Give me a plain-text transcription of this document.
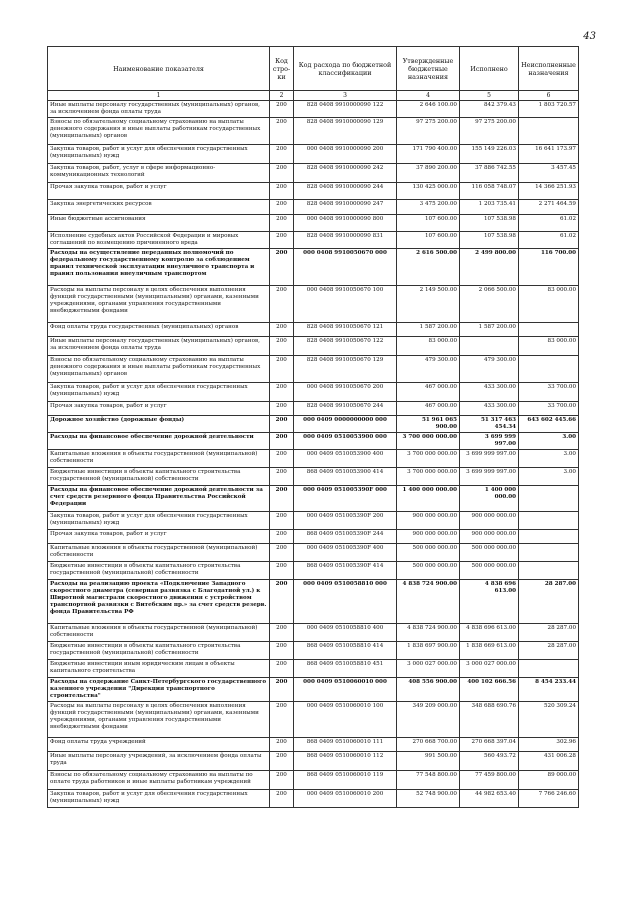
43
Наименование показателя	Код стро-ки	Код расхода по бюджетной классификации	Утвержденные бюджетные назначения	Исполнено	Неисполненные назначения
1	2	3	4	5	6
Иные выплаты персоналу государственных (муниципальных) органов, за исключением фонда оплаты труда	200	828 0408 9910000090 122	2 646 100.00	842 379.43	1 803 720.57
Взносы по обязательному социальному страхованию на выплаты денежного содержания и иные выплаты работникам государственных (муниципальных) органов	200	828 0408 9910000090 129	97 275 200.00	97 275 200.00	
Закупка товаров, работ и услуг для обеспечения государственных (муниципальных) нужд	200	000 0408 9910000090 200	171 790 400.00	155 149 226.03	16 641 173.97
Закупка товаров, работ, услуг в сфере информационно-коммуникационных технологий	200	828 0408 9910000090 242	37 890 200.00	37 886 742.55	3 457.45
Прочая закупка товаров, работ и услуг	200	828 0408 9910000090 244	130 425 000.00	116 058 748.07	14 366 251.93
Закупка энергетических ресурсов	200	828 0408 9910000090 247	3 475 200.00	1 203 735.41	2 271 464.59
Иные бюджетные ассигнования	200	000 0408 9910000090 800	107 600.00	107 538.98	61.02
Исполнение судебных актов Российской Федерации и мировых соглашений по возмещению причиненного вреда	200	828 0408 9910000090 831	107 600.00	107 538.98	61.02
Расходы на осуществление переданных полномочий по федеральному государственному контролю за соблюдением правил технической эксплуатации внеуличного транспорта и правил пользования внеуличным транспортом	200	000 0408 9910050670 000	2 616 500.00	2 499 800.00	116 700.00
Расходы на выплаты персоналу в целях обеспечения выполнения функций государственными (муниципальными) органами, казенными учреждениями, органами управления государственными внебюджетными фондами	200	000 0408 9910050670 100	2 149 500.00	2 066 500.00	83 000.00
Фонд оплаты труда государственных (муниципальных) органов	200	828 0408 9910050670 121	1 587 200.00	1 587 200.00	
Иные выплаты персоналу государственных (муниципальных) органов, за исключением фонда оплаты труда	200	828 0408 9910050670 122	83 000.00		83 000.00
Взносы по обязательному социальному страхованию на выплаты денежного содержания и иные выплаты работникам государственных (муниципальных) органов	200	828 0408 9910050670 129	479 300.00	479 300.00	
Закупка товаров, работ и услуг для обеспечения государственных (муниципальных) нужд	200	000 0408 9910050670 200	467 000.00	433 300.00	33 700.00
Прочая закупка товаров, работ и услуг	200	828 0408 9910050670 244	467 000.00	433 300.00	33 700.00
Дорожное хозяйство (дорожные фонды)	200	000 0409 0000000000 000	51 961 065 900.00	51 317 463 454.34	643 602 445.66
Расходы на финансовое обеспечение дорожной деятельности	200	000 0409 0510053900 000	3 700 000 000.00	3 699 999 997.00	3.00
Капитальные вложения в объекты государственной (муниципальной) собственности	200	000 0409 0510053900 400	3 700 000 000.00	3 699 999 997.00	3.00
Бюджетные инвестиции в объекты капитального строительства государственной (муниципальной) собственности	200	868 0409 0510053900 414	3 700 000 000.00	3 699 999 997.00	3.00
Расходы на финансовое обеспечение дорожной деятельности за счет средств резервного фонда Правительства Российской Федерации	200	000 0409 051005390F 000	1 400 000 000.00	1 400 000 000.00	
Закупка товаров, работ и услуг для обеспечения государственных (муниципальных) нужд	200	000 0409 051005390F 200	900 000 000.00	900 000 000.00	
Прочая закупка товаров, работ и услуг	200	868 0409 051005390F 244	900 000 000.00	900 000 000.00	
Капитальные вложения в объекты государственной (муниципальной) собственности	200	000 0409 051005390F 400	500 000 000.00	500 000 000.00	
Бюджетные инвестиции в объекты капитального строительства государственной (муниципальной) собственности	200	868 0409 051005390F 414	500 000 000.00	500 000 000.00	
Расходы на реализацию проекта «Подключение Западного скоростного диаметра (северная развязка с Благодатной ул.) к Широтной магистрали скоростного движения с устройством транспортной развязки с Витебским пр.» за счет средств резерв. фонда Правительства РФ	200	000 0409 0510058810 000	4 838 724 900.00	4 838 696 613.00	28 287.00
Капитальные вложения в объекты государственной (муниципальной) собственности	200	000 0409 0510058810 400	4 838 724 900.00	4 838 696 613.00	28 287.00
Бюджетные инвестиции в объекты капитального строительства государственной (муниципальной) собственности	200	868 0409 0510058810 414	1 838 697 900.00	1 838 669 613.00	28 287.00
Бюджетные инвестиции иным юридическим лицам в объекты капитального строительства	200	868 0409 0510058810 451	3 000 027 000.00	3 000 027 000.00	
Расходы на содержание Санкт-Петербургского государственного казенного учреждения "Дирекция транспортного строительства"	200	000 0409 0510060010 000	408 556 900.00	400 102 666.56	8 454 233.44
Расходы на выплаты персоналу в целях обеспечения выполнения функций государственными (муниципальными) органами, казенными учреждениями, органами управления государственными внебюджетными фондами	200	000 0409 0510060010 100	349 209 000.00	348 688 690.76	520 309.24
Фонд оплаты труда учреждений	200	868 0409 0510060010 111	270 668 700.00	270 668 397.04	302.96
Иные выплаты персоналу учреждений, за исключением фонда оплаты труда	200	868 0409 0510060010 112	991 500.00	560 493.72	431 006.28
Взносы по обязательному социальному страхованию на выплаты по оплате труда работников и иные выплаты работникам учреждений	200	868 0409 0510060010 119	77 548 800.00	77 459 800.00	89 000.00
Закупка товаров, работ и услуг для обеспечения государственных (муниципальных) нужд	200	000 0409 0510060010 200	52 748 900.00	44 982 653.40	7 766 246.60
